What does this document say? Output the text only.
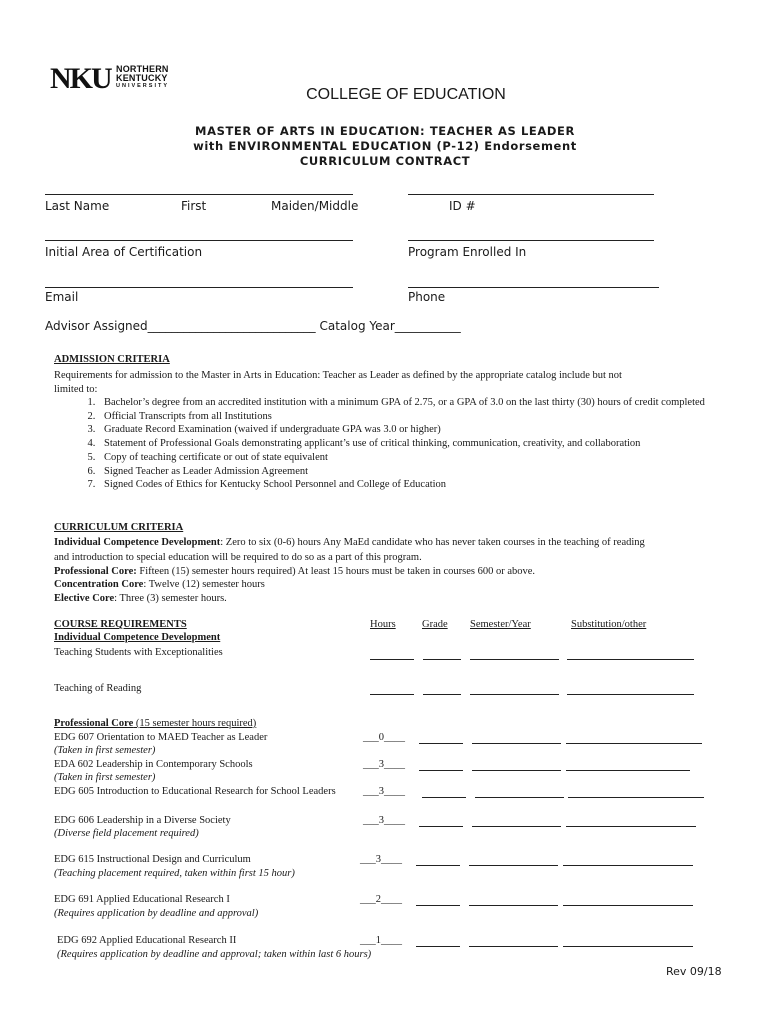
NKU NORTHERN
KENTUCKY
UNIVERSITY	COLLEGE OF EDUCATION
MASTER OF ARTS IN EDUCATION: TEACHER AS LEADER
with ENVIRONMENTAL EDUCATION (P-12) Endorsement
CURRICULUM CONTRACT
Last Name	First	Maiden/Middle	ID #
Initial Area of Certification	Program Enrolled In
Email	Phone
Advisor Assigned____________________________ Catalog Year___________
ADMISSION CRITERIA
Requirements for admission to the Master in Arts in Education: Teacher as Leader as defined by the appropriate catalog include but not
limited to:
1. Bachelor’s degree from an accredited institution with a minimum GPA of 2.75, or a GPA of 3.0 on the last thirty (30) hours of credit completed
2. Official Transcripts from all Institutions
3. Graduate Record Examination (waived if undergraduate GPA was 3.0 or higher)
4. Statement of Professional Goals demonstrating applicant’s use of critical thinking, communication, creativity, and collaboration
5. Copy of teaching certificate or out of state equivalent
6. Signed Teacher as Leader Admission Agreement
7. Signed Codes of Ethics for Kentucky School Personnel and College of Education
CURRICULUM CRITERIA
Individual Competence Development: Zero to six (0-6) hours Any MaEd candidate who has never taken courses in the teaching of reading
and introduction to special education will be required to do so as a part of this program.
Professional Core: Fifteen (15) semester hours required) At least 15 hours must be taken in courses 600 or above.
Concentration Core: Twelve (12) semester hours
Elective Core: Three (3) semester hours.
COURSE REQUIREMENTS	Hours	Grade Semester/Year	Substitution/other
Individual Competence Development
Teaching Students with Exceptionalities
Teaching of Reading
Professional Core (15 semester hours required)
EDG 607 Orientation to MAED Teacher as Leader	___0____
(Taken in first semester)
EDA 602 Leadership in Contemporary Schools	___3____
(Taken in first semester)
EDG 605 Introduction to Educational Research for School Leaders	___3____
EDG 606 Leadership in a Diverse Society	___3____
(Diverse field placement required)
EDG 615 Instructional Design and Curriculum	___3____
(Teaching placement required, taken within first 15 hour)
EDG 691 Applied Educational Research I	___2____
(Requires application by deadline and approval)
EDG 692 Applied Educational Research II	___1____
(Requires application by deadline and approval; taken within last 6 hours)
Rev 09/18
